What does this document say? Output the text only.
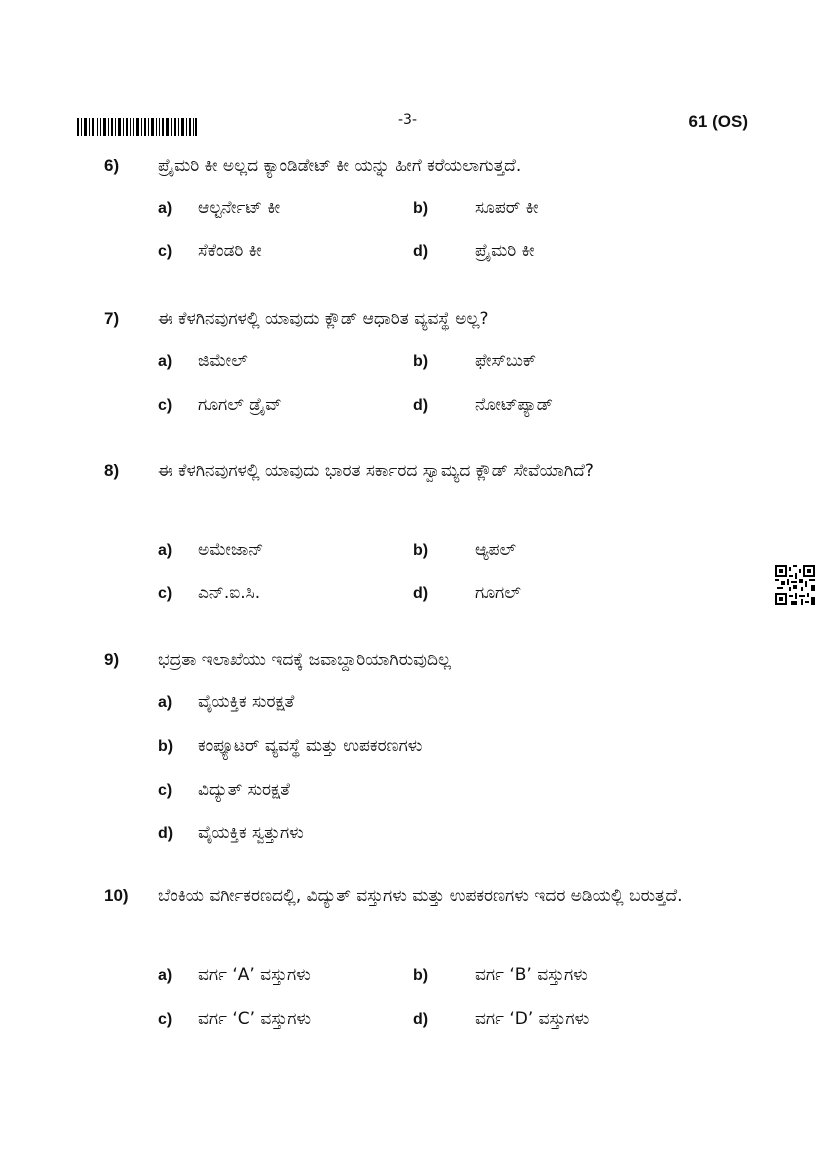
-3-	61 (OS)
6) ಪ್ರೈಮರಿ ಕೀ ಅಲ್ಲದ ಕ್ಯಾಂಡಿಡೇಟ್ ಕೀ ಯನ್ನು ಹೀಗೆ ಕರೆಯಲಾಗುತ್ತದೆ.
a) ಆಲ್ಟರ್ನೇಟ್ ಕೀ	b)	ಸೂಪರ್ ಕೀ
c) ಸೆಕೆಂಡರಿ ಕೀ	d)	ಪ್ರೈಮರಿ ಕೀ
7) ಈ ಕೆಳಗಿನವುಗಳಲ್ಲಿ ಯಾವುದು ಕ್ಲೌಡ್ ಆಧಾರಿತ ವ್ಯವಸ್ಥೆ ಅಲ್ಲ?
a) ಜಿಮೇಲ್	b)	ಫೇಸ್‌ಬುಕ್
c) ಗೂಗಲ್ ಡ್ರೈವ್	d)	ನೋಟ್‌ಪ್ಯಾಡ್
8) ಈ ಕೆಳಗಿನವುಗಳಲ್ಲಿ ಯಾವುದು ಭಾರತ ಸರ್ಕಾರದ ಸ್ವಾಮ್ಯದ ಕ್ಲೌಡ್ ಸೇವೆಯಾಗಿದೆ?
a) ಅಮೇಜಾನ್	b)	ಆ್ಯಪಲ್
c) ಎನ್.ಐ.ಸಿ.	d)	ಗೂಗಲ್
9) ಭದ್ರತಾ ಇಲಾಖೆಯು ಇದಕ್ಕೆ ಜವಾಬ್ದಾರಿಯಾಗಿರುವುದಿಲ್ಲ
a) ವೈಯಕ್ತಿಕ ಸುರಕ್ಷತೆ
b) ಕಂಪ್ಯೂಟರ್ ವ್ಯವಸ್ಥೆ ಮತ್ತು ಉಪಕರಣಗಳು
c) ವಿದ್ಯುತ್ ಸುರಕ್ಷತೆ
d) ವೈಯಕ್ತಿಕ ಸ್ವತ್ತುಗಳು
10) ಬೆಂಕಿಯ ವರ್ಗೀಕರಣದಲ್ಲಿ, ವಿದ್ಯುತ್ ವಸ್ತುಗಳು ಮತ್ತು ಉಪಕರಣಗಳು ಇದರ ಅಡಿಯಲ್ಲಿ ಬರುತ್ತದೆ.
a) ವರ್ಗ ‘A’ ವಸ್ತುಗಳು	b)	ವರ್ಗ ‘B’ ವಸ್ತುಗಳು
c) ವರ್ಗ ‘C’ ವಸ್ತುಗಳು	d)	ವರ್ಗ ‘D’ ವಸ್ತುಗಳು
